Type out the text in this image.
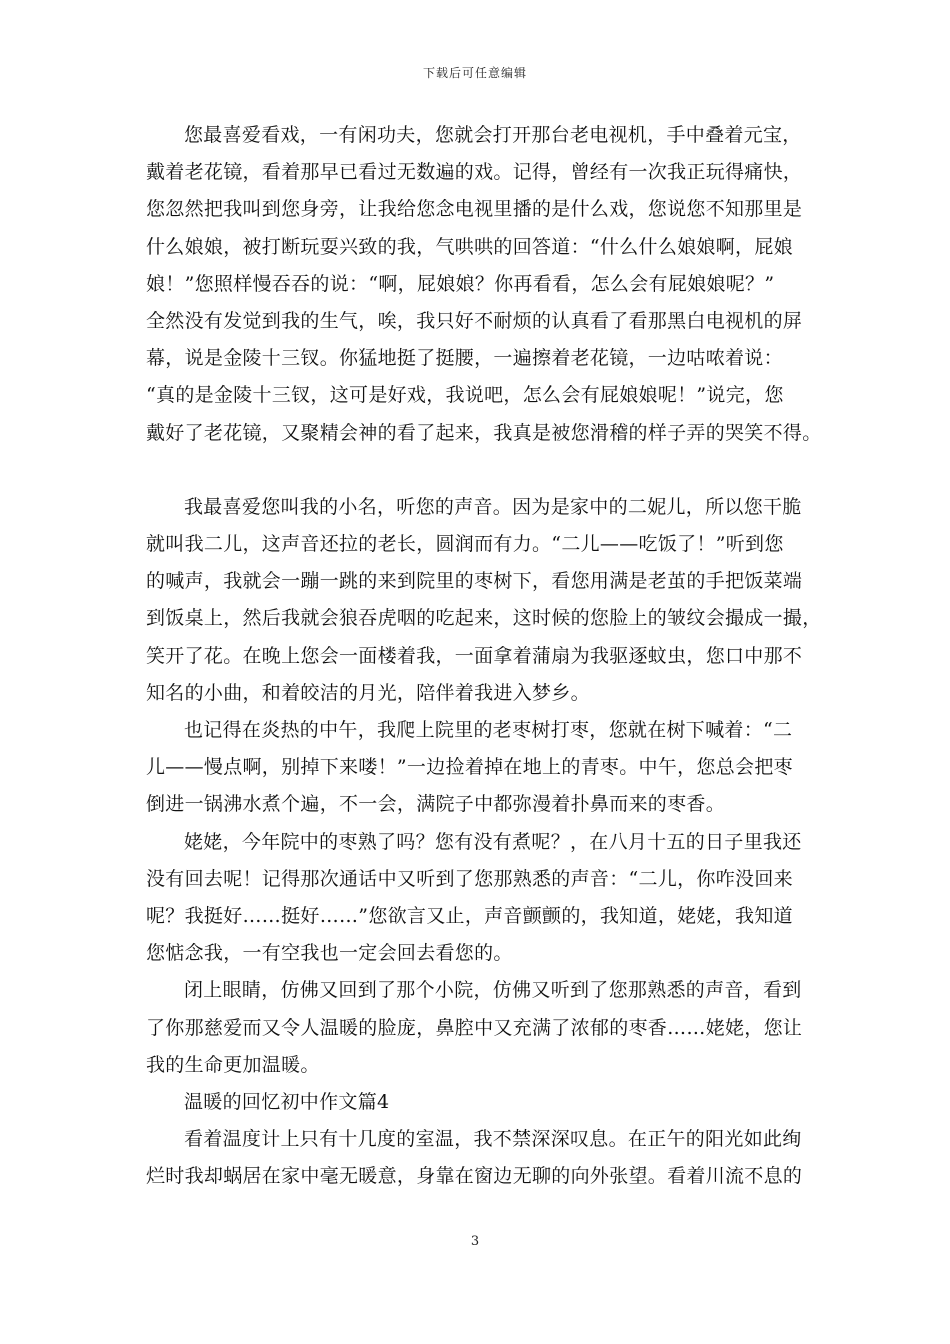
下载后可任意编辑
您最喜爱看戏，一有闲功夫，您就会打开那台老电视机，手中叠着元宝，
戴着老花镜，看着那早已看过无数遍的戏。记得，曾经有一次我正玩得痛快，
您忽然把我叫到您身旁，让我给您念电视里播的是什么戏，您说您不知那里是
什么娘娘，被打断玩耍兴致的我，气哄哄的回答道：“什么什么娘娘啊，屁娘
娘！”您照样慢吞吞的说：“啊，屁娘娘？你再看看，怎么会有屁娘娘呢？”
全然没有发觉到我的生气，唉，我只好不耐烦的认真看了看那黑白电视机的屏
幕，说是金陵十三钗。你猛地挺了挺腰，一遍擦着老花镜，一边咕哝着说：
“真的是金陵十三钗，这可是好戏，我说吧，怎么会有屁娘娘呢！”说完，您
戴好了老花镜，又聚精会神的看了起来，我真是被您滑稽的样子弄的哭笑不得。
我最喜爱您叫我的小名，听您的声音。因为是家中的二妮儿，所以您干脆
就叫我二儿，这声音还拉的老长，圆润而有力。“二儿——吃饭了！”听到您
的喊声，我就会一蹦一跳的来到院里的枣树下，看您用满是老茧的手把饭菜端
到饭桌上，然后我就会狼吞虎咽的吃起来，这时候的您脸上的皱纹会撮成一撮，
笑开了花。在晚上您会一面楼着我，一面拿着蒲扇为我驱逐蚊虫，您口中那不
知名的小曲，和着皎洁的月光，陪伴着我进入梦乡。
也记得在炎热的中午，我爬上院里的老枣树打枣，您就在树下喊着：“二
儿——慢点啊，别掉下来喽！”一边捡着掉在地上的青枣。中午，您总会把枣
倒进一锅沸水煮个遍，不一会，满院子中都弥漫着扑鼻而来的枣香。
姥姥，今年院中的枣熟了吗？您有没有煮呢？，在八月十五的日子里我还
没有回去呢！记得那次通话中又听到了您那熟悉的声音：“二儿，你咋没回来
呢？我挺好……挺好……”您欲言又止，声音颤颤的，我知道，姥姥，我知道
您惦念我，一有空我也一定会回去看您的。
闭上眼睛，仿佛又回到了那个小院，仿佛又听到了您那熟悉的声音，看到
了你那慈爱而又令人温暖的脸庞，鼻腔中又充满了浓郁的枣香……姥姥，您让
我的生命更加温暖。
温暖的回忆初中作文篇4
看着温度计上只有十几度的室温，我不禁深深叹息。在正午的阳光如此绚
烂时我却蜗居在家中毫无暖意，身靠在窗边无聊的向外张望。看着川流不息的
3
